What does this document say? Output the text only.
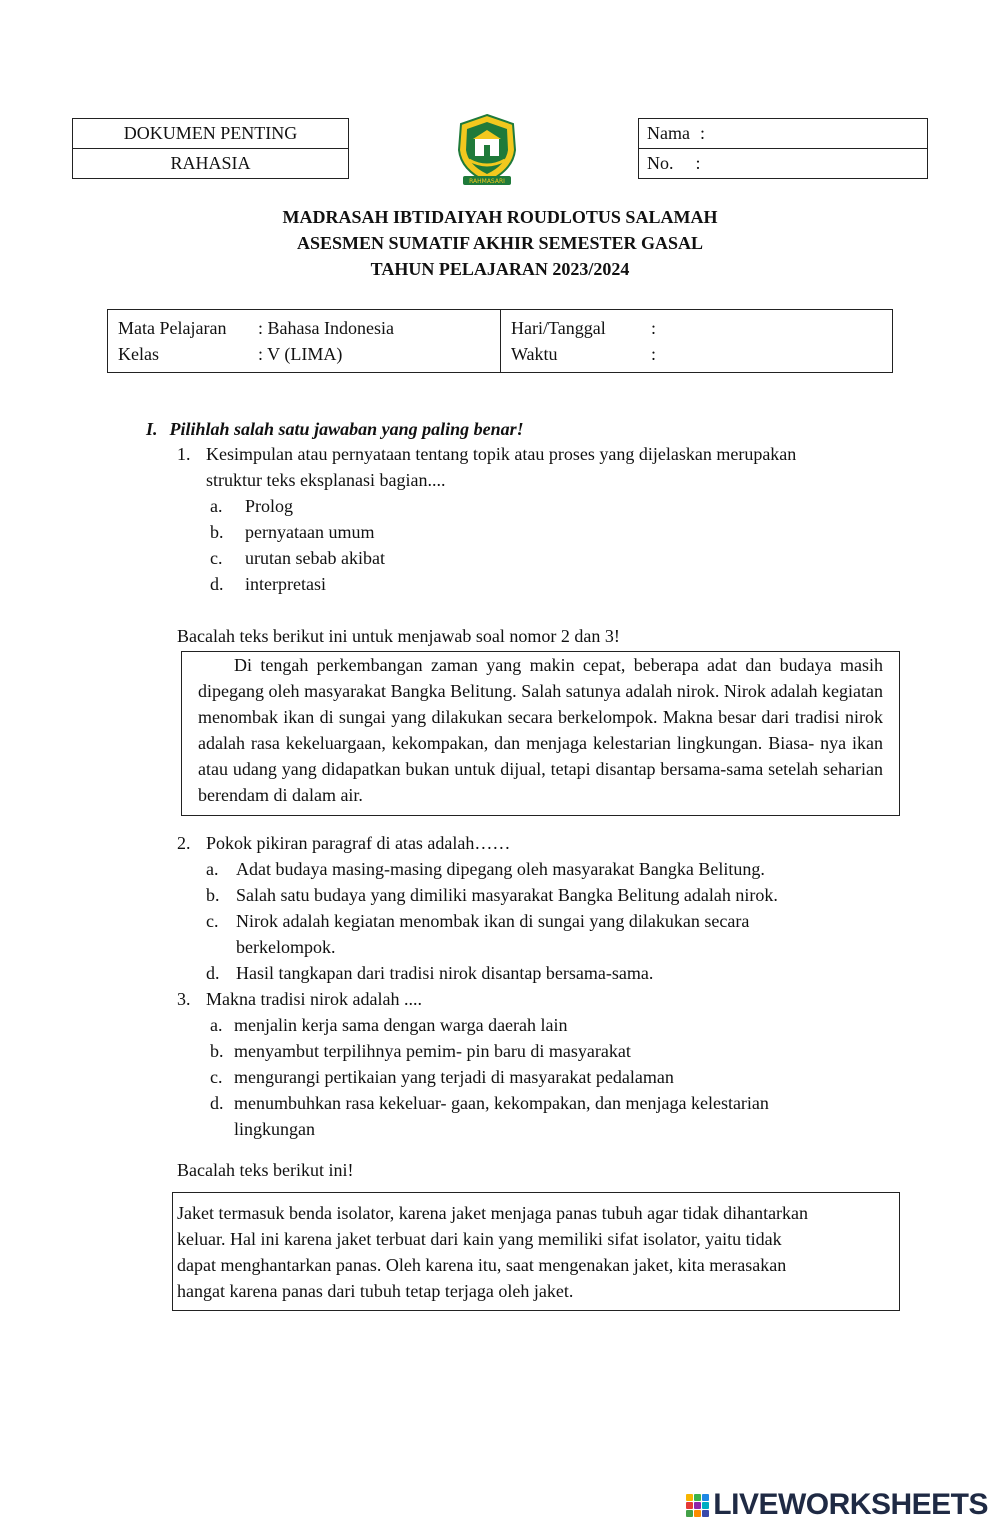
DOKUMEN PENTING
RAHASIA
RAHMASARI
Nama :
No. :
MADRASAH IBTIDAIYAH ROUDLOTUS SALAMAH
ASESMEN SUMATIF AKHIR SEMESTER GASAL
TAHUN PELAJARAN 2023/2024
Mata Pelajaran : Bahasa Indonesia
Kelas	: V (LIMA)
Hari/Tanggal	:
Waktu	:
I. Pilihlah salah satu jawaban yang paling benar!
1. Kesimpulan atau pernyataan tentang topik atau proses yang dijelaskan merupakan
struktur teks eksplanasi bagian....
a. Prolog
b. pernyataan umum
c. urutan sebab akibat
d. interpretasi
Bacalah teks berikut ini untuk menjawab soal nomor 2 dan 3!

Di tengah perkembangan zaman yang makin cepat, beberapa adat dan budaya masih dipegang oleh masyarakat Bangka Belitung. Salah satunya adalah nirok. Nirok adalah kegiatan menombak ikan di sungai yang dilakukan secara berkelompok. Makna besar dari tradisi nirok adalah rasa kekeluargaan, kekompakan, dan menjaga kelestarian lingkungan. Biasa- nya ikan atau udang yang didapatkan bukan untuk dijual, tetapi disantap bersama-sama setelah seharian berendam di dalam air.

2. Pokok pikiran paragraf di atas adalah……
a. Adat budaya masing-masing dipegang oleh masyarakat Bangka Belitung.
b. Salah satu budaya yang dimiliki masyarakat Bangka Belitung adalah nirok.
c. Nirok adalah kegiatan menombak ikan di sungai yang dilakukan secara
berkelompok.
d. Hasil tangkapan dari tradisi nirok disantap bersama-sama.
3. Makna tradisi nirok adalah ....
a. menjalin kerja sama dengan warga daerah lain
b. menyambut terpilihnya pemim- pin baru di masyarakat
c. mengurangi pertikaian yang terjadi di masyarakat pedalaman
d. menumbuhkan rasa kekeluar- gaan, kekompakan, dan menjaga kelestarian
lingkungan
Bacalah teks berikut ini!
Jaket termasuk benda isolator, karena jaket menjaga panas tubuh agar tidak dihantarkan
keluar. Hal ini karena jaket terbuat dari kain yang memiliki sifat isolator, yaitu tidak
dapat menghantarkan panas. Oleh karena itu, saat mengenakan jaket, kita merasakan
hangat karena panas dari tubuh tetap terjaga oleh jaket.
LIVEWORKSHEETS
